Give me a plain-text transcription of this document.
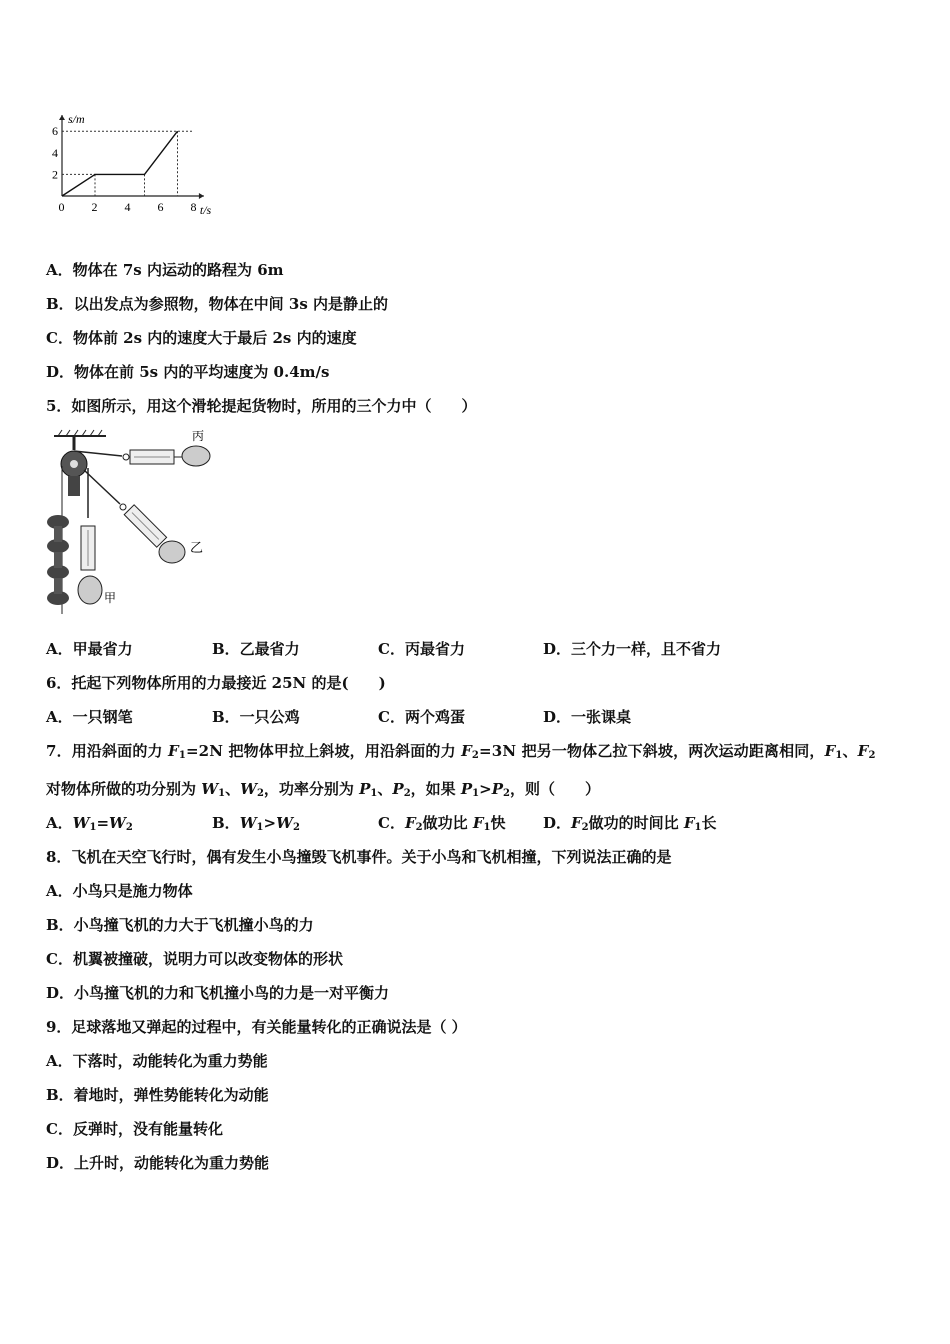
s/m
t/s
0 2 4 6 8
2
4
6
A．物体在 7s 内运动的路程为 6m
B．以出发点为参照物，物体在中间 3s 内是静止的
C．物体前 2s 内的速度大于最后 2s 内的速度
D．物体在前 5s 内的平均速度为 0.4m/s
5．如图所示，用这个滑轮提起货物时，所用的三个力中（　　）
丙
乙
甲
A．甲最省力	B．乙最省力	C．丙最省力	D．三个力一样，且不省力
6．托起下列物体所用的力最接近 25N 的是(　　)
A．一只钢笔	B．一只公鸡	C．两个鸡蛋	D．一张课桌
7．用沿斜面的力 $F_1=2N$ 把物体甲拉上斜坡，用沿斜面的力 $F_2=3N$ 把另一物体乙拉下斜坡，两次运动距离相同，$F_1$、$F_2$
对物体所做的功分别为 $W_1$、$W_2$，功率分别为 $P_1$、$P_2$，如果 $P_1>P_2$，则（　　）
A．$W_1=W_2$	B．$W_1>W_2$	C．$F_2$做功比 $F_1$快	D．$F_2$做功的时间比 $F_1$长
8．飞机在天空飞行时，偶有发生小鸟撞毁飞机事件。关于小鸟和飞机相撞，下列说法正确的是
A．小鸟只是施力物体
B．小鸟撞飞机的力大于飞机撞小鸟的力
C．机翼被撞破，说明力可以改变物体的形状
D．小鸟撞飞机的力和飞机撞小鸟的力是一对平衡力
9．足球落地又弹起的过程中，有关能量转化的正确说法是（ ）
A．下落时，动能转化为重力势能
B．着地时，弹性势能转化为动能
C．反弹时，没有能量转化
D．上升时，动能转化为重力势能
